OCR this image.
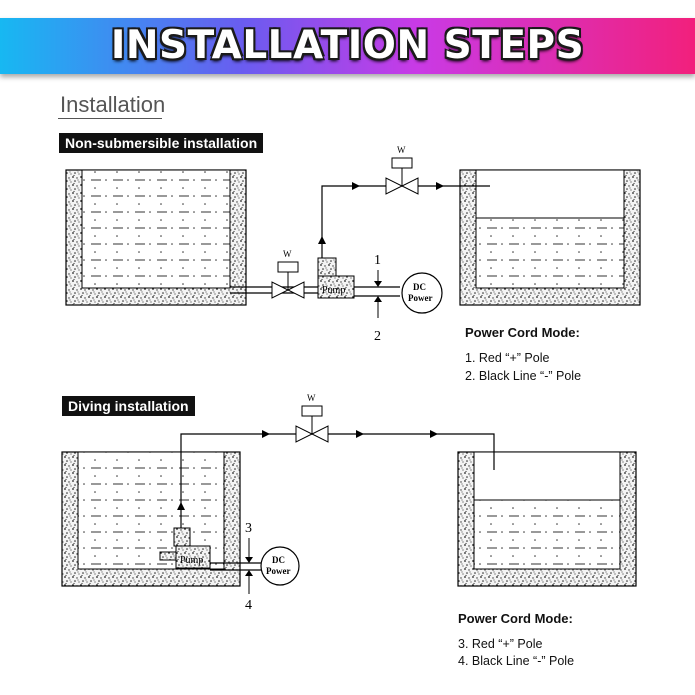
INSTALLATION STEPS
Installation
Non-submersible installation
Diving installation
Power Cord Mode:
1. Red “+” Pole
2. Black Line “-” Pole
Power Cord Mode:
3. Red “+” Pole
4. Black Line “-” Pole
W
Pump	DC
Power
1
2
W
Pump
W
DC
Power
3
4
